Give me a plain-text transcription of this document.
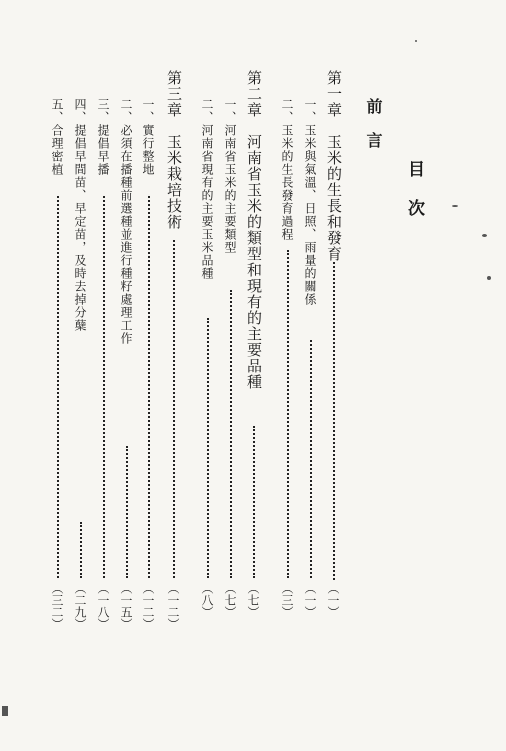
目次
前言
第一章　玉米的生長和發育
（一）
一、玉米與氣溫、日照、雨量的關係
（一）
二、玉米的生長發育過程
（三）
第二章　河南省玉米的類型和現有的主要品種
（七）
一、河南省玉米的主要類型
（七）
二、河南省現有的主要玉米品種
（八）
第三章　玉米栽培技術
（一二）
一、實行整地
（一二）
二、必須在播種前選種並進行種籽處理工作
（一五）
三、提倡早播
（一八）
四、提倡早間苗、早定苗，及時去掉分蘖
（二九）
五、合理密植
（三二）
